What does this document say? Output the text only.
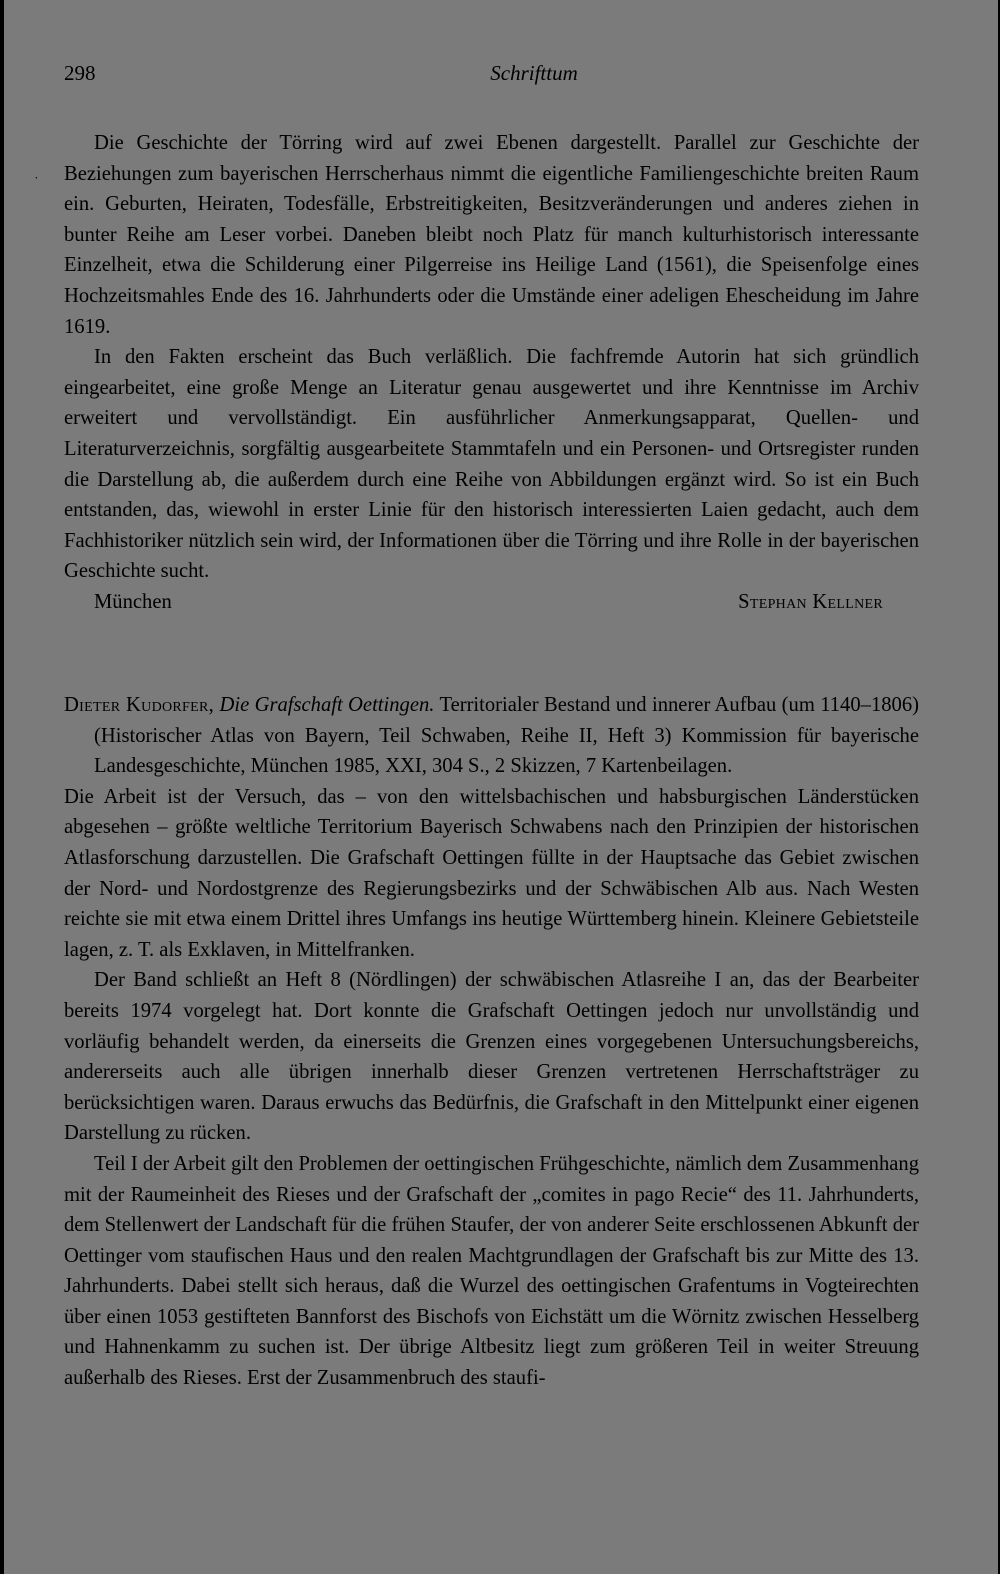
298	Schrifttum
˙

Die Geschichte der Törring wird auf zwei Ebenen dargestellt. Parallel zur Geschichte der Beziehungen zum bayerischen Herrscherhaus nimmt die eigentliche Familiengeschichte breiten Raum ein. Geburten, Heiraten, Todesfälle, Erbstreitigkeiten, Besitzveränderungen und anderes ziehen in bunter Reihe am Leser vorbei. Daneben bleibt noch Platz für manch kulturhistorisch interessante Einzelheit, etwa die Schilderung einer Pilgerreise ins Heilige Land (1561), die Speisenfolge eines Hochzeitsmahles Ende des 16. Jahrhunderts oder die Umstände einer adeligen Ehescheidung im Jahre 1619.

In den Fakten erscheint das Buch verläßlich. Die fachfremde Autorin hat sich gründlich eingearbeitet, eine große Menge an Literatur genau ausgewertet und ihre Kenntnisse im Archiv erweitert und vervollständigt. Ein ausführlicher Anmerkungsapparat, Quellen- und Literaturverzeichnis, sorgfältig ausgearbeitete Stammtafeln und ein Personen- und Ortsregister runden die Darstellung ab, die außerdem durch eine Reihe von Abbildungen ergänzt wird. So ist ein Buch entstanden, das, wiewohl in erster Linie für den historisch interessierten Laien gedacht, auch dem Fachhistoriker nützlich sein wird, der Informationen über die Törring und ihre Rolle in der bayerischen Geschichte sucht.

München	Stephan Kellner

Dieter Kudorfer, Die Grafschaft Oettingen. Territorialer Bestand und innerer Aufbau (um 1140–1806) (Historischer Atlas von Bayern, Teil Schwaben, Reihe II, Heft 3) Kommission für bayerische Landesgeschichte, München 1985, XXI, 304 S., 2 Skizzen, 7 Kartenbeilagen.

Die Arbeit ist der Versuch, das – von den wittelsbachischen und habsburgischen Länderstücken abgesehen – größte weltliche Territorium Bayerisch Schwabens nach den Prinzipien der historischen Atlasforschung darzustellen. Die Grafschaft Oettingen füllte in der Hauptsache das Gebiet zwischen der Nord- und Nordostgrenze des Regierungsbezirks und der Schwäbischen Alb aus. Nach Westen reichte sie mit etwa einem Drittel ihres Umfangs ins heutige Württemberg hinein. Kleinere Gebietsteile lagen, z. T. als Exklaven, in Mittelfranken.

Der Band schließt an Heft 8 (Nördlingen) der schwäbischen Atlasreihe I an, das der Bearbeiter bereits 1974 vorgelegt hat. Dort konnte die Grafschaft Oettingen jedoch nur unvollständig und vorläufig behandelt werden, da einerseits die Grenzen eines vorgegebenen Untersuchungsbereichs, andererseits auch alle übrigen innerhalb dieser Grenzen vertretenen Herrschaftsträger zu berücksichtigen waren. Daraus erwuchs das Bedürfnis, die Grafschaft in den Mittelpunkt einer eigenen Darstellung zu rücken.

Teil I der Arbeit gilt den Problemen der oettingischen Frühgeschichte, nämlich dem Zusammenhang mit der Raumeinheit des Rieses und der Grafschaft der „comites in pago Recie“ des 11. Jahrhunderts, dem Stellenwert der Landschaft für die frühen Staufer, der von anderer Seite erschlossenen Abkunft der Oettinger vom staufischen Haus und den realen Machtgrundlagen der Grafschaft bis zur Mitte des 13. Jahrhunderts. Dabei stellt sich heraus, daß die Wurzel des oettingischen Grafentums in Vogteirechten über einen 1053 gestifteten Bannforst des Bischofs von Eichstätt um die Wörnitz zwischen Hesselberg und Hahnenkamm zu suchen ist. Der übrige Altbesitz liegt zum größeren Teil in weiter Streuung außerhalb des Rieses. Erst der Zusammenbruch des staufi-
